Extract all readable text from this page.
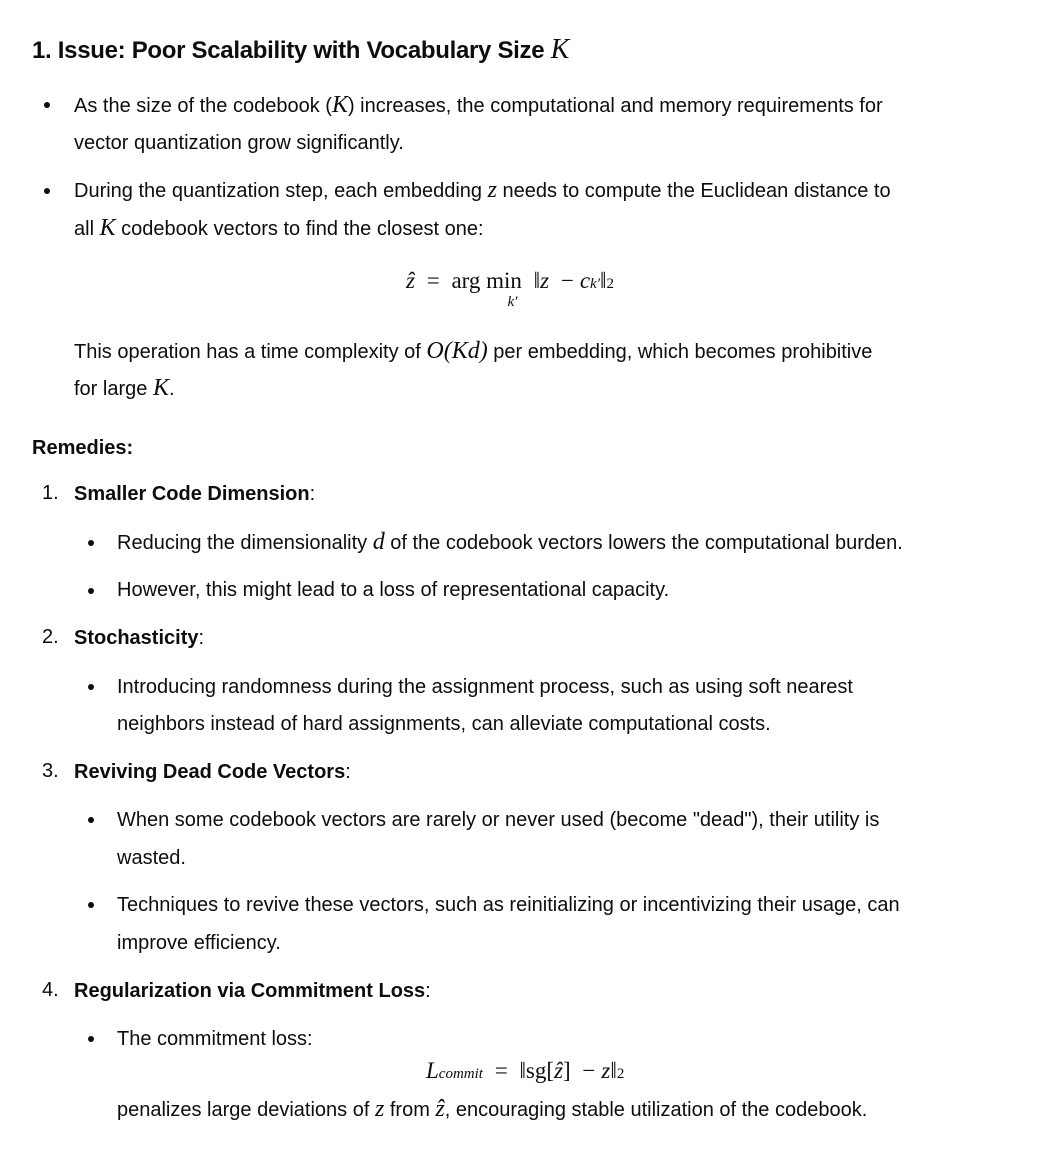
1. Issue: Poor Scalability with Vocabulary Size K
As the size of the codebook (K) increases, the computational and memory requirements for
vector quantization grow significantly.
During the quantization step, each embedding z needs to compute the Euclidean distance to
all K codebook vectors to find the closest one:
ẑ = arg min
k′
‖z − ck′‖2
This operation has a time complexity of O(Kd) per embedding, which becomes prohibitive
for large K.
Remedies:
1. Smaller Code Dimension:
Reducing the dimensionality d of the codebook vectors lowers the computational burden.
However, this might lead to a loss of representational capacity.
2. Stochasticity:
Introducing randomness during the assignment process, such as using soft nearest
neighbors instead of hard assignments, can alleviate computational costs.
3. Reviving Dead Code Vectors:
When some codebook vectors are rarely or never used (become "dead"), their utility is
wasted.
Techniques to revive these vectors, such as reinitializing or incentivizing their usage, can
improve efficiency.
4. Regularization via Commitment Loss:
The commitment loss:
Lcommit = ‖sg[ẑ] − z‖2
penalizes large deviations of z from ẑ, encouraging stable utilization of the codebook.
